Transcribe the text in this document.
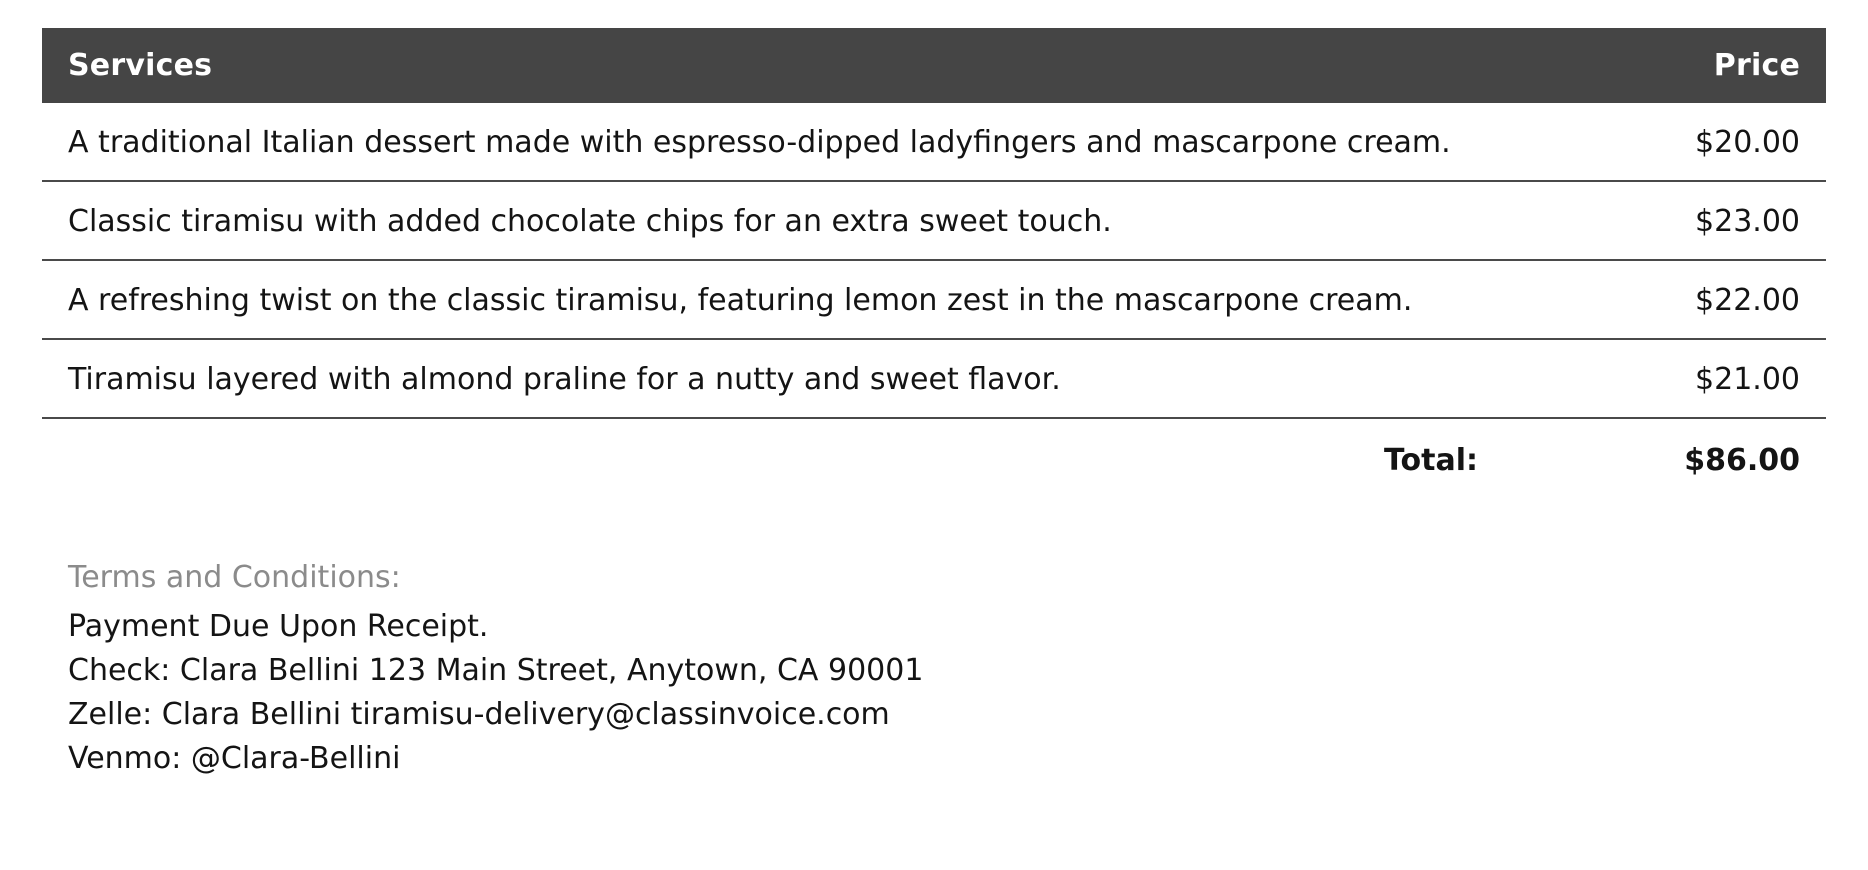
Services	Price
A traditional Italian dessert made with espresso-dipped ladyfingers and mascarpone cream.	$20.00
Classic tiramisu with added chocolate chips for an extra sweet touch.	$23.00
A refreshing twist on the classic tiramisu, featuring lemon zest in the mascarpone cream.	$22.00
Tiramisu layered with almond praline for a nutty and sweet flavor.	$21.00
Total:	$86.00
Terms and Conditions:
Payment Due Upon Receipt.
Check: Clara Bellini 123 Main Street, Anytown, CA 90001
Zelle: Clara Bellini tiramisu-delivery@classinvoice.com
Venmo: @Clara-Bellini
